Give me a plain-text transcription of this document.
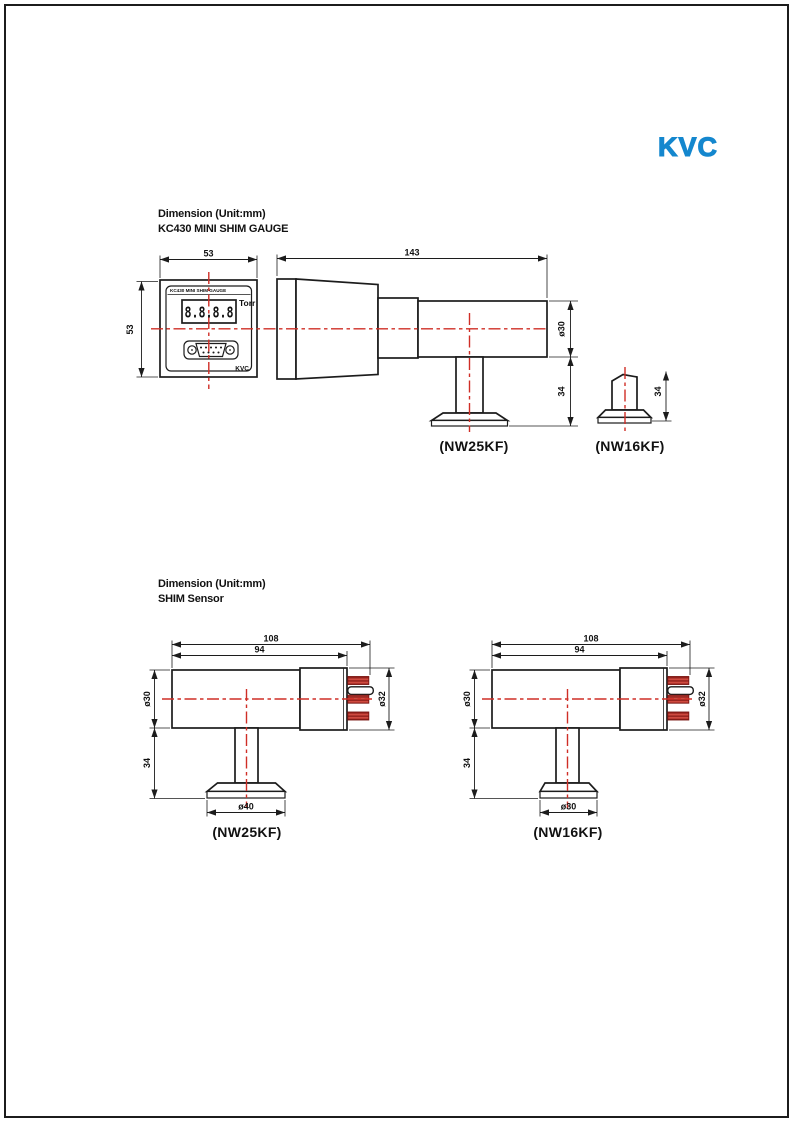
KVC
Dimension (Unit:mm)
KC430 MINI SHIM GAUGE
KC430 MINI SHIM GAUGE
8.8.8.8
Torr
KVC
53
53
143
ø30
34	34
(NW25KF)	(NW16KF)
Dimension (Unit:mm)
SHIM Sensor
108
94
ø30
34
ø32
ø40
(NW25KF)
108
94
ø30
34
ø32
ø30
(NW16KF)
